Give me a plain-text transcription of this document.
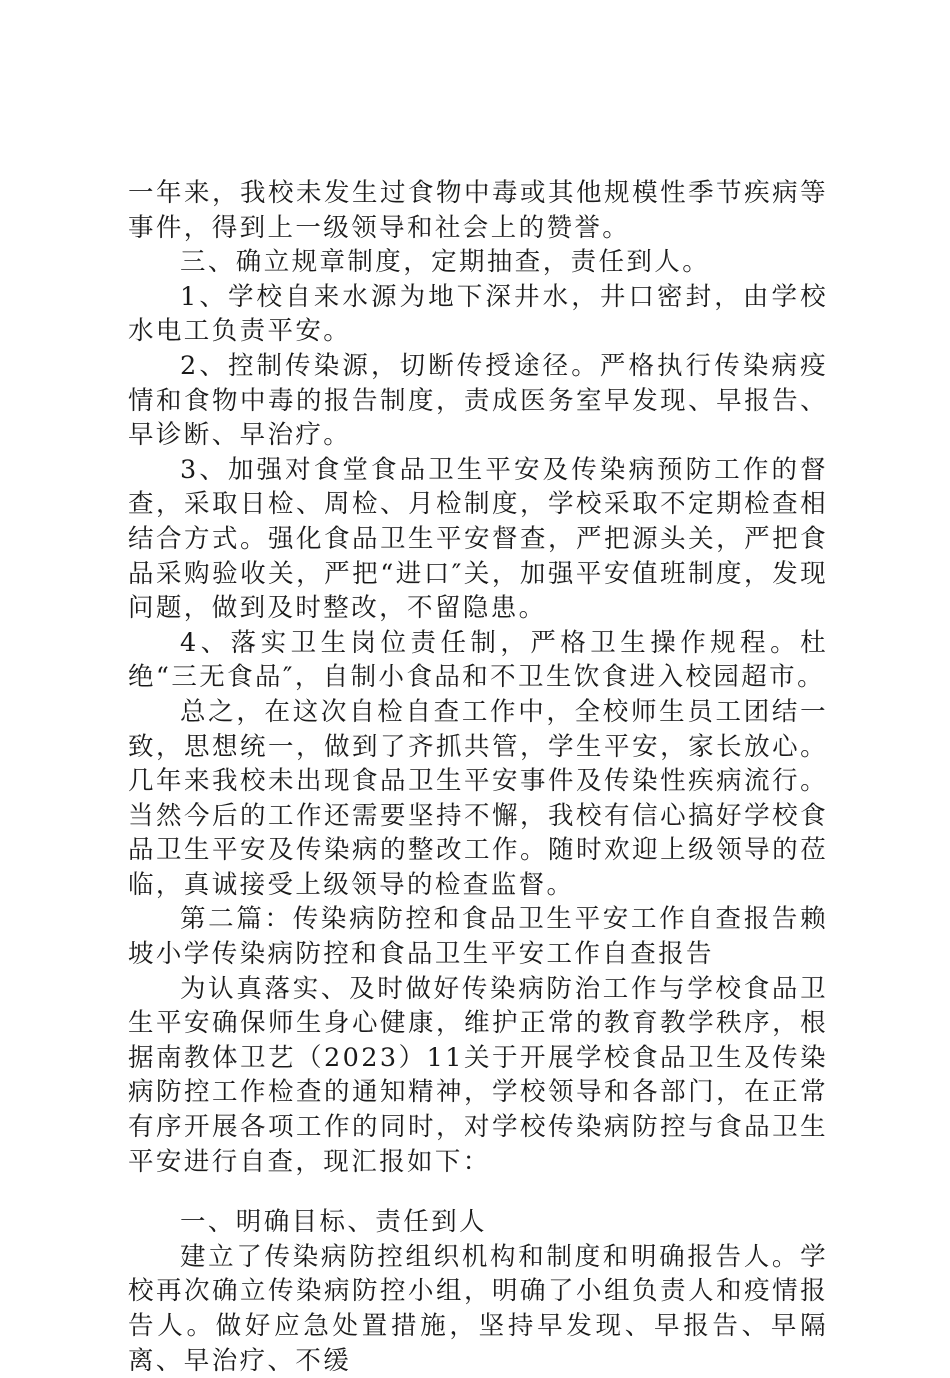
一年来，我校未发生过食物中毒或其他规模性季节疾病等事件，得到上一级领导和社会上的赞誉。

三、确立规章制度，定期抽查，责任到人。

1、学校自来水源为地下深井水，井口密封，由学校水电工负责平安。

2、控制传染源，切断传授途径。严格执行传染病疫情和食物中毒的报告制度，责成医务室早发现、早报告、早诊断、早治疗。

3、加强对食堂食品卫生平安及传染病预防工作的督查，采取日检、周检、月检制度，学校采取不定期检查相结合方式。强化食品卫生平安督查，严把源头关，严把食品采购验收关，严把“进口″关，加强平安值班制度，发现问题，做到及时整改，不留隐患。

4、落实卫生岗位责任制，严格卫生操作规程。杜绝“三无食品″，自制小食品和不卫生饮食进入校园超市。

总之，在这次自检自查工作中，全校师生员工团结一致，思想统一，做到了齐抓共管，学生平安，家长放心。几年来我校未出现食品卫生平安事件及传染性疾病流行。当然今后的工作还需要坚持不懈，我校有信心搞好学校食品卫生平安及传染病的整改工作。随时欢迎上级领导的莅临，真诚接受上级领导的检查监督。

第二篇：传染病防控和食品卫生平安工作自查报告赖坡小学传染病防控和食品卫生平安工作自查报告

为认真落实、及时做好传染病防治工作与学校食品卫生平安确保师生身心健康，维护正常的教育教学秩序，根据南教体卫艺（2023）11关于开展学校食品卫生及传染病防控工作检查的通知精神，学校领导和各部门，在正常有序开展各项工作的同时，对学校传染病防控与食品卫生平安进行自查，现汇报如下：

一、明确目标、责任到人

建立了传染病防控组织机构和制度和明确报告人。学校再次确立传染病防控小组，明确了小组负责人和疫情报告人。做好应急处置措施，坚持早发现、早报告、早隔离、早治疗、不缓
